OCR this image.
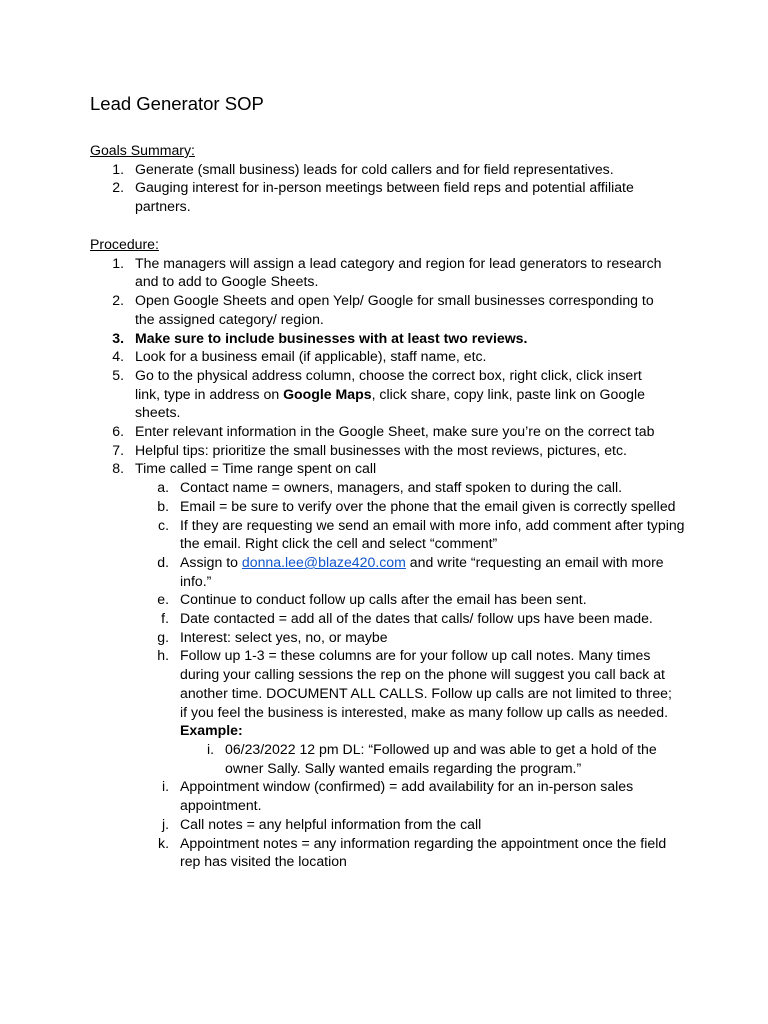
Lead Generator SOP
Goals Summary:
1. Generate (small business) leads for cold callers and for field representatives.
2. Gauging interest for in-person meetings between field reps and potential affiliate partners.
Procedure:
1. The managers will assign a lead category and region for lead generators to research and to add to Google Sheets.
2. Open Google Sheets and open Yelp/ Google for small businesses corresponding to the assigned category/ region.
3. Make sure to include businesses with at least two reviews.
4. Look for a business email (if applicable), staff name, etc.
5. Go to the physical address column, choose the correct box, right click, click insert link, type in address on Google Maps, click share, copy link, paste link on Google sheets.
6. Enter relevant information in the Google Sheet, make sure you’re on the correct tab
7. Helpful tips: prioritize the small businesses with the most reviews, pictures, etc.
8. Time called = Time range spent on call
a. Contact name = owners, managers, and staff spoken to during the call.
b. Email = be sure to verify over the phone that the email given is correctly spelled
c. If they are requesting we send an email with more info, add comment after typing the email. Right click the cell and select “comment”
d. Assign to donna.lee@blaze420.com and write “requesting an email with more info.”
e. Continue to conduct follow up calls after the email has been sent.
f. Date contacted = add all of the dates that calls/ follow ups have been made.
g. Interest: select yes, no, or maybe
h. Follow up 1-3 = these columns are for your follow up call notes. Many times during your calling sessions the rep on the phone will suggest you call back at another time. DOCUMENT ALL CALLS. Follow up calls are not limited to three; if you feel the business is interested, make as many follow up calls as needed.
Example:
i. 06/23/2022 12 pm DL: “Followed up and was able to get a hold of the owner Sally. Sally wanted emails regarding the program.”
i. Appointment window (confirmed) = add availability for an in-person sales appointment.
j. Call notes = any helpful information from the call
k. Appointment notes = any information regarding the appointment once the field rep has visited the location
